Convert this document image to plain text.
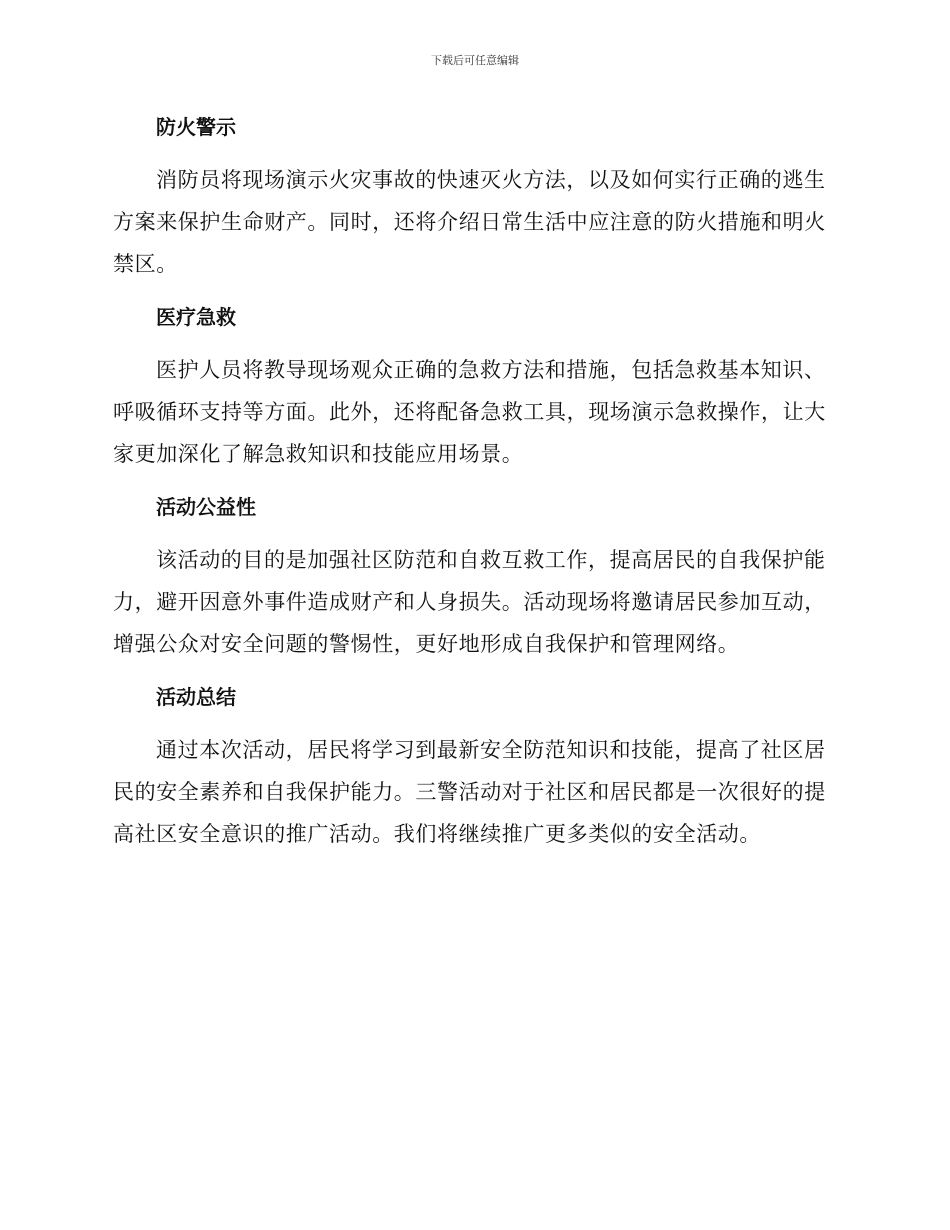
下载后可任意编辑
防火警示

消防员将现场演示火灾事故的快速灭火方法，以及如何实行正确的逃生方案来保护生命财产。同时，还将介绍日常生活中应注意的防火措施和明火禁区。

医疗急救

医护人员将教导现场观众正确的急救方法和措施，包括急救基本知识、呼吸循环支持等方面。此外，还将配备急救工具，现场演示急救操作，让大家更加深化了解急救知识和技能应用场景。

活动公益性

该活动的目的是加强社区防范和自救互救工作，提高居民的自我保护能力，避开因意外事件造成财产和人身损失。活动现场将邀请居民参加互动，增强公众对安全问题的警惕性，更好地形成自我保护和管理网络。

活动总结

通过本次活动，居民将学习到最新安全防范知识和技能，提高了社区居民的安全素养和自我保护能力。三警活动对于社区和居民都是一次很好的提高社区安全意识的推广活动。我们将继续推广更多类似的安全活动。
